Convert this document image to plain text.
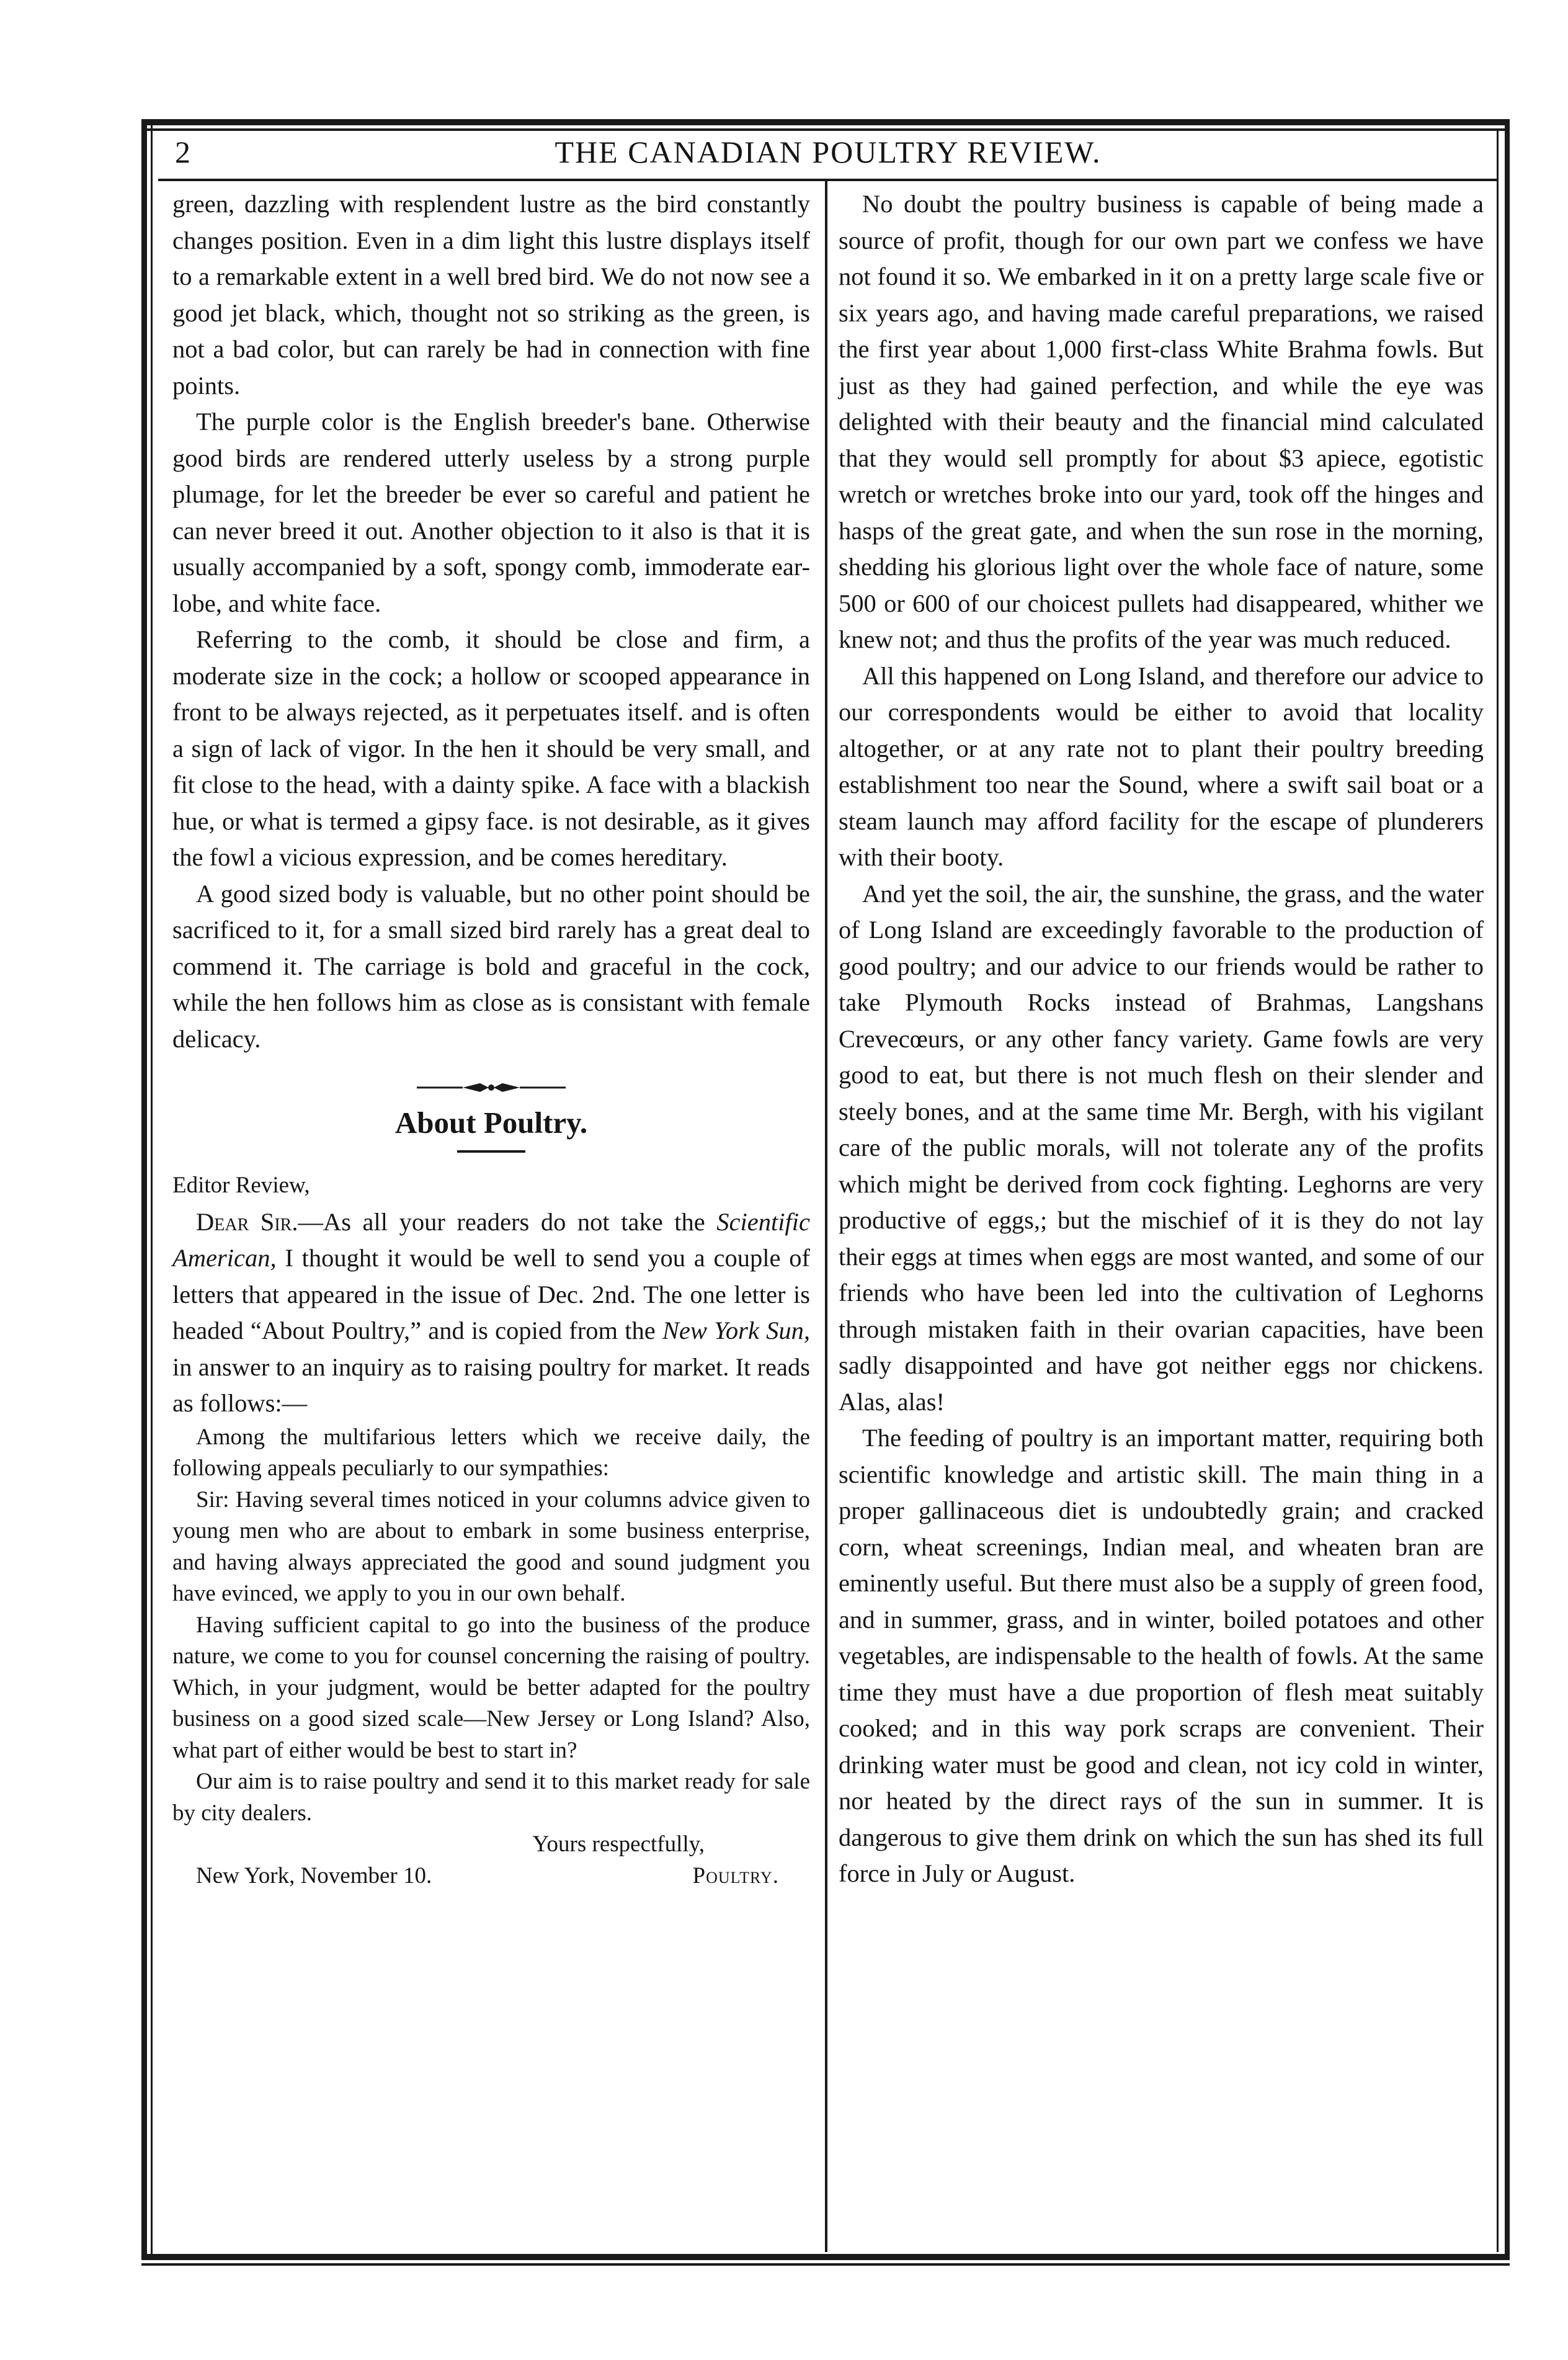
2	THE CANADIAN POULTRY REVIEW.

green, dazzling with resplendent lustre as the bird constantly changes position. Even in a dim light this lustre displays itself to a remarkable extent in a well bred bird. We do not now see a good jet black, which, thought not so striking as the green, is not a bad color, but can rarely be had in connection with fine points.

The purple color is the English breeder's bane. Otherwise good birds are rendered utterly useless by a strong purple plumage, for let the breeder be ever so careful and patient he can never breed it out. Another objection to it also is that it is usually accompanied by a soft, spongy comb, immoderate ear-lobe, and white face.

Referring to the comb, it should be close and firm, a moderate size in the cock; a hollow or scooped appearance in front to be always rejected, as it perpetuates itself. and is often a sign of lack of vigor. In the hen it should be very small, and fit close to the head, with a dainty spike. A face with a blackish hue, or what is termed a gipsy face. is not desirable, as it gives the fowl a vicious expression, and be comes hereditary.

A good sized body is valuable, but no other point should be sacrificed to it, for a small sized bird rarely has a great deal to commend it. The carriage is bold and graceful in the cock, while the hen follows him as close as is consistant with female delicacy.

About Poultry.

Editor Review,

Dear Sir.—As all your readers do not take the Scientific American, I thought it would be well to send you a couple of letters that appeared in the issue of Dec. 2nd. The one letter is headed “About Poultry,” and is copied from the New York Sun, in answer to an inquiry as to raising poultry for market. It reads as follows:—

Among the multifarious letters which we receive daily, the following appeals peculiarly to our sympathies:

Sir: Having several times noticed in your columns advice given to young men who are about to embark in some business enterprise, and having always appreciated the good and sound judgment you have evinced, we apply to you in our own behalf.

Having sufficient capital to go into the business of the produce nature, we come to you for counsel concerning the raising of poultry. Which, in your judgment, would be better adapted for the poultry business on a good sized scale—New Jersey or Long Island? Also, what part of either would be best to start in?

Our aim is to raise poultry and send it to this market ready for sale by city dealers.

Yours respectfully,

Poultry.

New York, November 10.

No doubt the poultry business is capable of being made a source of profit, though for our own part we confess we have not found it so. We embarked in it on a pretty large scale five or six years ago, and having made careful preparations, we raised the first year about 1,000 first-class White Brahma fowls. But just as they had gained perfection, and while the eye was delighted with their beauty and the financial mind calculated that they would sell promptly for about $3 apiece, egotistic wretch or wretches broke into our yard, took off the hinges and hasps of the great gate, and when the sun rose in the morning, shedding his glorious light over the whole face of nature, some 500 or 600 of our choicest pullets had disappeared, whither we knew not; and thus the profits of the year was much reduced.

All this happened on Long Island, and therefore our advice to our correspondents would be either to avoid that locality altogether, or at any rate not to plant their poultry breeding establishment too near the Sound, where a swift sail boat or a steam launch may afford facility for the escape of plunderers with their booty.

And yet the soil, the air, the sunshine, the grass, and the water of Long Island are exceedingly favorable to the production of good poultry; and our advice to our friends would be rather to take Plymouth Rocks instead of Brahmas, Langshans Crevecœurs, or any other fancy variety. Game fowls are very good to eat, but there is not much flesh on their slender and steely bones, and at the same time Mr. Bergh, with his vigilant care of the public morals, will not tolerate any of the profits which might be derived from cock fighting. Leghorns are very productive of eggs,; but the mischief of it is they do not lay their eggs at times when eggs are most wanted, and some of our friends who have been led into the cultivation of Leghorns through mistaken faith in their ovarian capacities, have been sadly disappointed and have got neither eggs nor chickens. Alas, alas!

The feeding of poultry is an important matter, requiring both scientific knowledge and artistic skill. The main thing in a proper gallinaceous diet is undoubtedly grain; and cracked corn, wheat screenings, Indian meal, and wheaten bran are eminently useful. But there must also be a supply of green food, and in summer, grass, and in winter, boiled potatoes and other vegetables, are indispensable to the health of fowls. At the same time they must have a due proportion of flesh meat suitably cooked; and in this way pork scraps are convenient. Their drinking water must be good and clean, not icy cold in winter, nor heated by the direct rays of the sun in summer. It is dangerous to give them drink on which the sun has shed its full force in July or August.
